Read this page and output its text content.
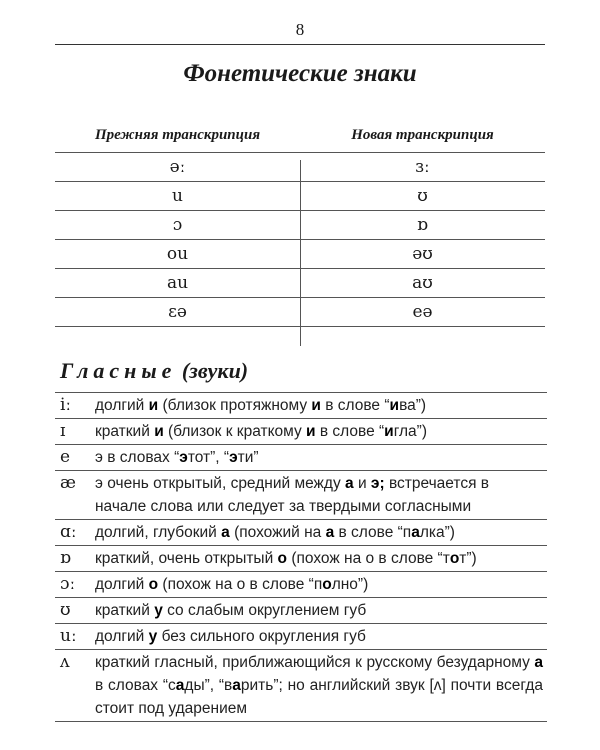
8
Фонетические знаки
Прежняя транскрипция	Новая транскрипция
əː	ɜː
u	ʊ
ɔ	ɒ
ou	əʊ
au	aʊ
ɛə	eə
Гласные (звуки)
iː	долгий и (близок протяжному и в слове “ива”)
ɪ	краткий и (близок к краткому и в слове “игла”)
e	э в словах “этот”, “эти”
æ	э очень открытый, средний между а и э; встречается в начале слова или следует за твердыми согласными
ɑː	долгий, глубокий а (похожий на а в слове “палка”)
ɒ	краткий, очень открытый о (похож на о в слове “тот”)
ɔː	долгий о (похож на о в слове “полно”)
ʊ	краткий у со слабым округлением губ
uː	долгий у без сильного округления губ
ʌ	краткий гласный, приближающийся к русскому безударному а в словах “сады”, “варить”; но английский звук [ʌ] почти всегда стоит под ударением
